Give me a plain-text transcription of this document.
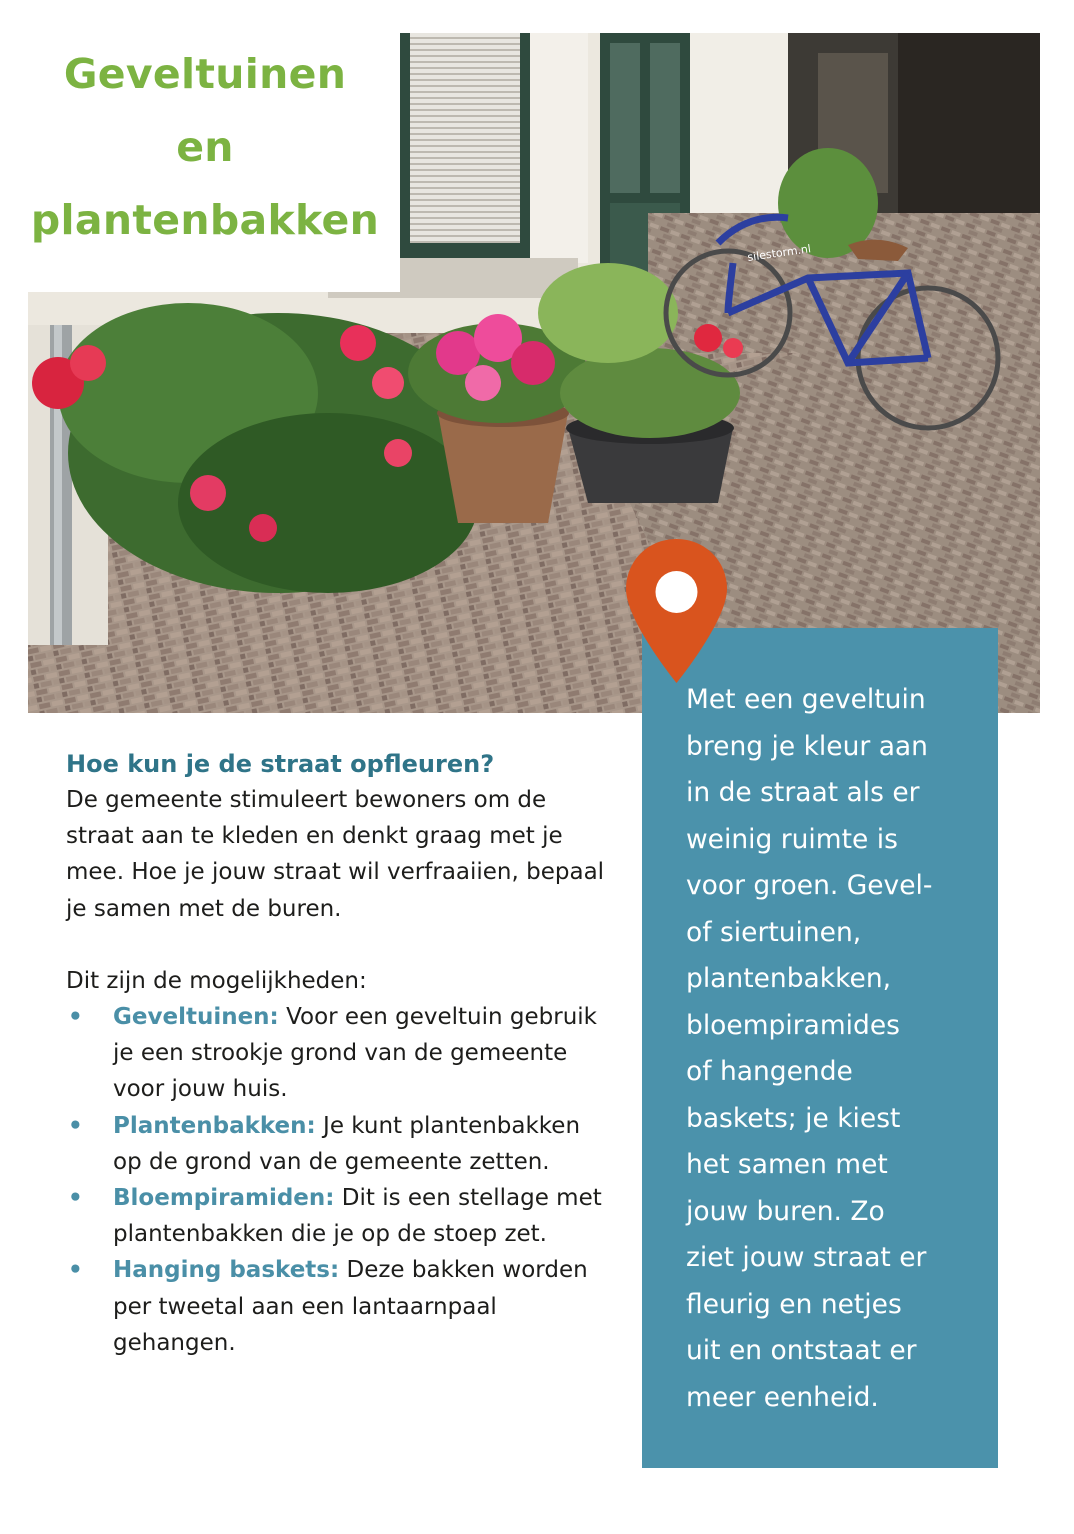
silestorm.nl
Geveltuinen
en
plantenbakken
Hoe kun je de straat opfleuren?

De gemeente stimuleert bewoners om de straat aan te kleden en denkt graag met je mee. Hoe je jouw straat wil verfraaiien, bepaal je samen met de buren.

Dit zijn de mogelijkheden:

• Geveltuinen: Voor een geveltuin gebruik je een strookje grond van de gemeente voor jouw huis.
• Plantenbakken: Je kunt plantenbakken op de grond van de gemeente zetten.
• Bloempiramiden: Dit is een stellage met plantenbakken die je op de stoep zet.
• Hanging baskets: Deze bakken worden per tweetal aan een lantaarnpaal gehangen.

Met een geveltuin
breng je kleur aan
in de straat als er
weinig ruimte is
voor groen. Gevel-
of siertuinen,
plantenbakken,
bloempiramides
of hangende
baskets; je kiest
het samen met
jouw buren. Zo
ziet jouw straat er
fleurig en netjes
uit en ontstaat er
meer eenheid.
